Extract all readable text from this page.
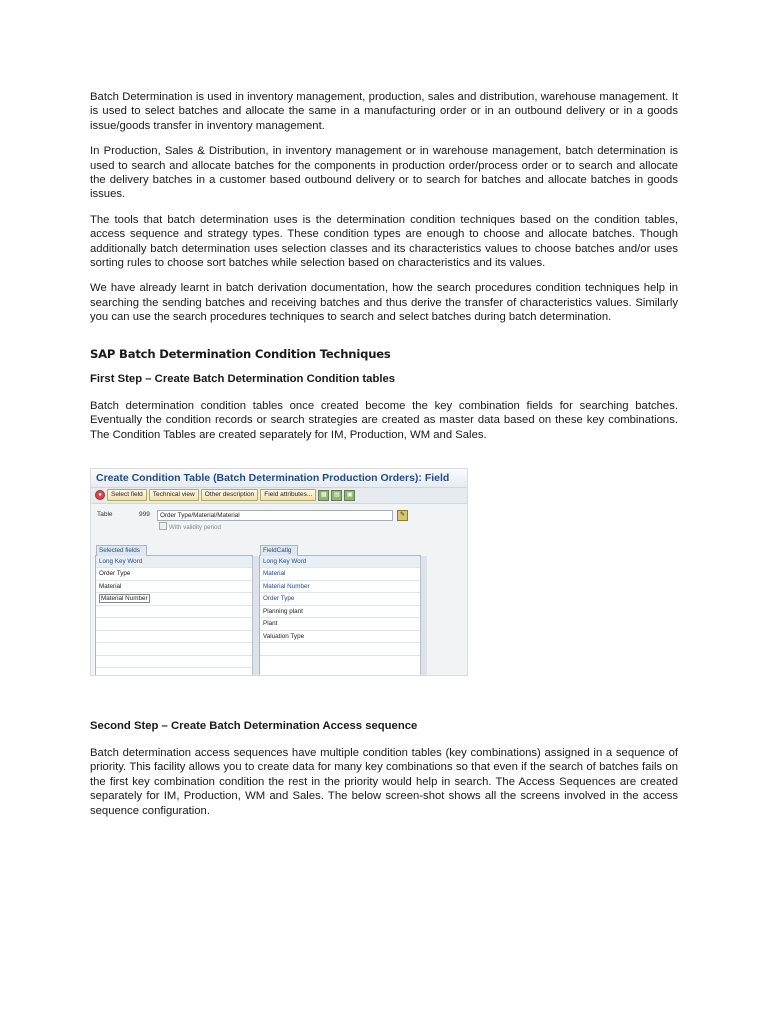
Batch Determination is used in inventory management, production, sales and distribution, warehouse management. It is used to select batches and allocate the same in a manufacturing order or in an outbound delivery or in a goods issue/goods transfer in inventory management.

In Production, Sales & Distribution, in inventory management or in warehouse management, batch determination is used to search and allocate batches for the components in production order/process order or to search and allocate the delivery batches in a customer based outbound delivery or to search for batches and allocate batches in goods issues.

The tools that batch determination uses is the determination condition techniques based on the condition tables, access sequence and strategy types. These condition types are enough to choose and allocate batches. Though additionally batch determination uses selection classes and its characteristics values to choose batches and/or uses sorting rules to choose sort batches while selection based on characteristics and its values.

We have already learnt in batch derivation documentation, how the search procedures condition techniques help in searching the sending batches and receiving batches and thus derive the transfer of characteristics values. Similarly you can use the search procedures techniques to search and select batches during batch determination.

SAP Batch Determination Condition Techniques
First Step – Create Batch Determination Condition tables

Batch determination condition tables once created become the key combination fields for searching batches. Eventually the condition records or search strategies are created as master data based on these key combinations. The Condition Tables are created separately for IM, Production, WM and Sales.

Create Condition Table (Batch Determination Production Orders): Field
●	Select field	Technical view	Other description	Field attributes...	▦	▤	▣
Table	999	Order Type/Material/Material	✎
With validity period
Selected fields
Long Key Word
Order Type
Material
Material Number
FieldCatlg
Long Key Word
Material
Material Number
Order Type
Planning plant
Plant
Valuation Type
Second Step – Create Batch Determination Access sequence

Batch determination access sequences have multiple condition tables (key combinations) assigned in a sequence of priority. This facility allows you to create data for many key combinations so that even if the search of batches fails on the first key combination condition the rest in the priority would help in search. The Access Sequences are created separately for IM, Production, WM and Sales. The below screen-shot shows all the screens involved in the access sequence configuration.
